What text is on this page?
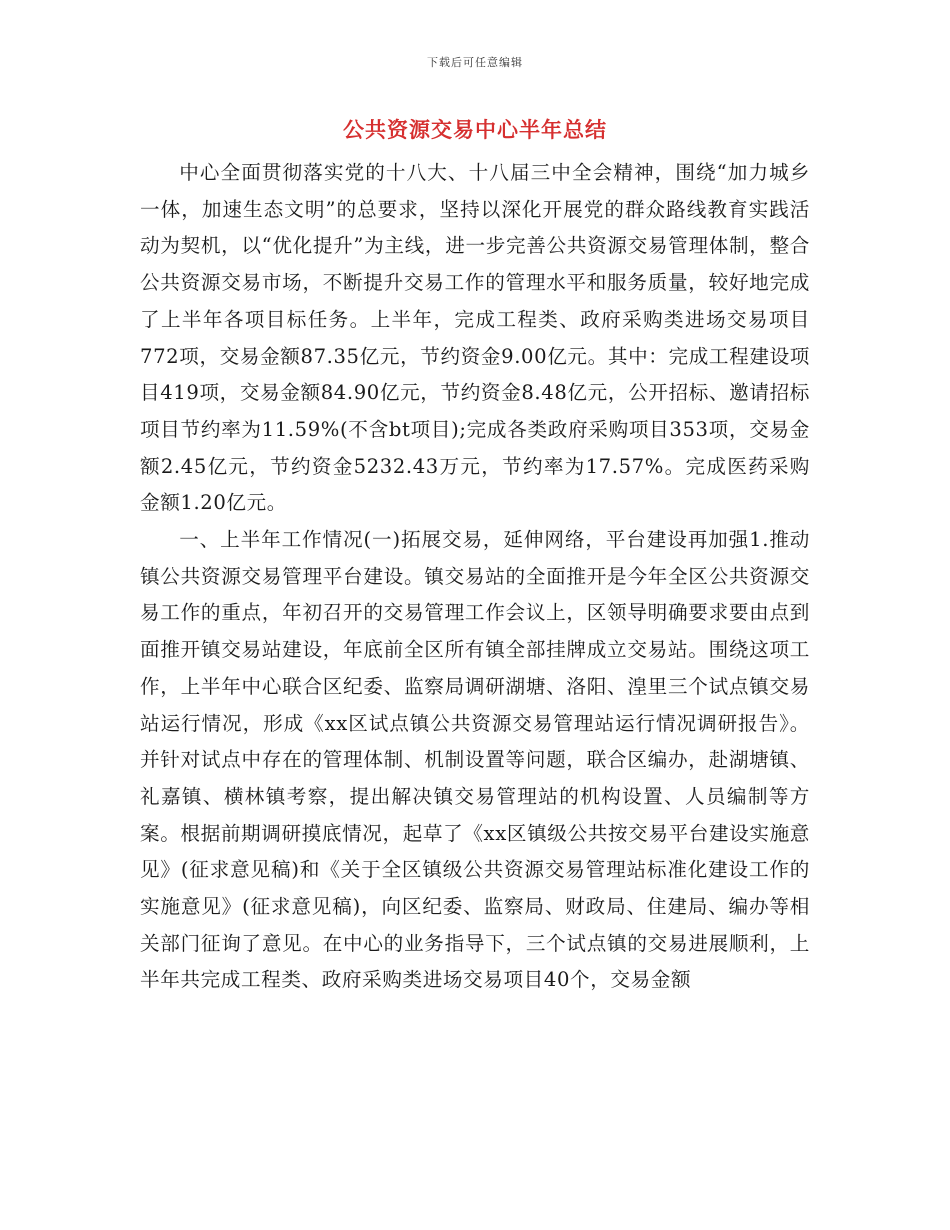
下载后可任意编辑
公共资源交易中心半年总结

中心全面贯彻落实党的十八大、十八届三中全会精神，围绕“加力城乡一体，加速生态文明”的总要求，坚持以深化开展党的群众路线教育实践活动为契机，以“优化提升”为主线，进一步完善公共资源交易管理体制，整合公共资源交易市场，不断提升交易工作的管理水平和服务质量，较好地完成了上半年各项目标任务。上半年，完成工程类、政府采购类进场交易项目772项，交易金额87.35亿元，节约资金9.00亿元。其中：完成工程建设项目419项，交易金额84.90亿元，节约资金8.48亿元，公开招标、邀请招标项目节约率为11.59%(不含bt项目);完成各类政府采购项目353项，交易金额2.45亿元，节约资金5232.43万元，节约率为17.57%。完成医药采购金额1.20亿元。

一、上半年工作情况(一)拓展交易，延伸网络，平台建设再加强1.推动镇公共资源交易管理平台建设。镇交易站的全面推开是今年全区公共资源交易工作的重点，年初召开的交易管理工作会议上，区领导明确要求要由点到面推开镇交易站建设，年底前全区所有镇全部挂牌成立交易站。围绕这项工作，上半年中心联合区纪委、监察局调研湖塘、洛阳、湟里三个试点镇交易站运行情况，形成《xx区试点镇公共资源交易管理站运行情况调研报告》。并针对试点中存在的管理体制、机制设置等问题，联合区编办，赴湖塘镇、礼嘉镇、横林镇考察，提出解决镇交易管理站的机构设置、人员编制等方案。根据前期调研摸底情况，起草了《xx区镇级公共按交易平台建设实施意见》(征求意见稿)和《关于全区镇级公共资源交易管理站标准化建设工作的实施意见》(征求意见稿)，向区纪委、监察局、财政局、住建局、编办等相关部门征询了意见。在中心的业务指导下，三个试点镇的交易进展顺利，上半年共完成工程类、政府采购类进场交易项目40个，交易金额
